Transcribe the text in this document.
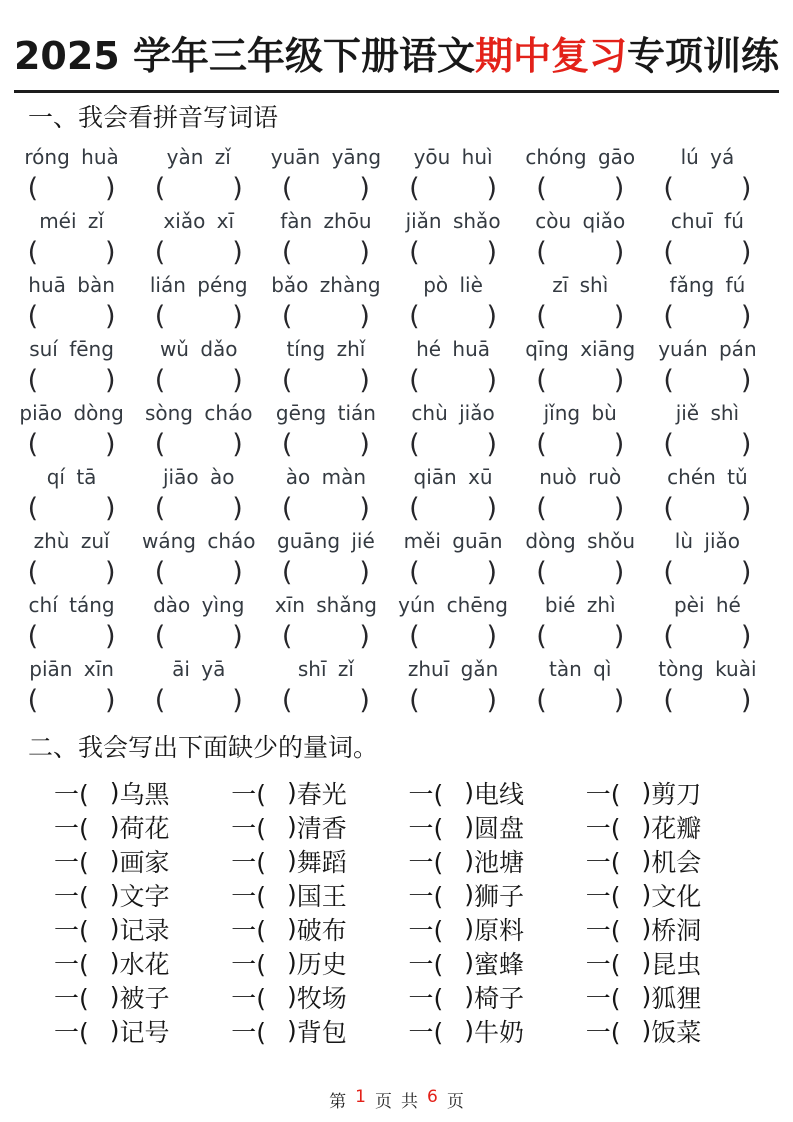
2025 学年三年级下册语文期中复习专项训练
一、我会看拼音写词语
róng huà	yàn zǐ	yuān yāng	yōu huì	chóng gāo	lú yá
( ) ( ) ( ) ( ) ( ) ( )
méi zǐ	xiǎo xī	fàn zhōu	jiǎn shǎo	còu qiǎo	chuī fú
( ) ( ) ( ) ( ) ( ) ( )
huā bàn	lián péng	bǎo zhàng	pò liè	zī shì	fǎng fú
( ) ( ) ( ) ( ) ( ) ( )
suí fēng	wǔ dǎo	tíng zhǐ	hé huā	qīng xiāng	yuán pán
( ) ( ) ( ) ( ) ( ) ( )
piāo dòng	sòng cháo	gēng tián	chù jiǎo	jǐng bù	jiě shì
( ) ( ) ( ) ( ) ( ) ( )
qí tā	jiāo ào	ào màn	qiān xū	nuò ruò	chén tǔ
( ) ( ) ( ) ( ) ( ) ( )
zhù zuǐ	wáng cháo	guāng jié	měi guān	dòng shǒu	lù jiǎo
( ) ( ) ( ) ( ) ( ) ( )
chí táng	dào yìng	xīn shǎng	yún chēng	bié zhì	pèi hé
( ) ( ) ( ) ( ) ( ) ( )
piān xīn	āi yā	shī zǐ	zhuī gǎn	tàn qì	tòng kuài
( ) ( ) ( ) ( ) ( ) ( )
二、我会写出下面缺少的量词。
一( ) 乌黑 一( ) 春光 一( ) 电线 一( ) 剪刀
一( ) 荷花 一( ) 清香 一( ) 圆盘 一( ) 花瓣
一( ) 画家 一( ) 舞蹈 一( ) 池塘 一( ) 机会
一( ) 文字 一( ) 国王 一( ) 狮子 一( ) 文化
一( ) 记录 一( ) 破布 一( ) 原料 一( ) 桥洞
一( ) 水花 一( ) 历史 一( ) 蜜蜂 一( ) 昆虫
一( ) 被子 一( ) 牧场 一( ) 椅子 一( ) 狐狸
一( ) 记号 一( ) 背包 一( ) 牛奶 一( ) 饭菜
第 1 页 共 6 页
